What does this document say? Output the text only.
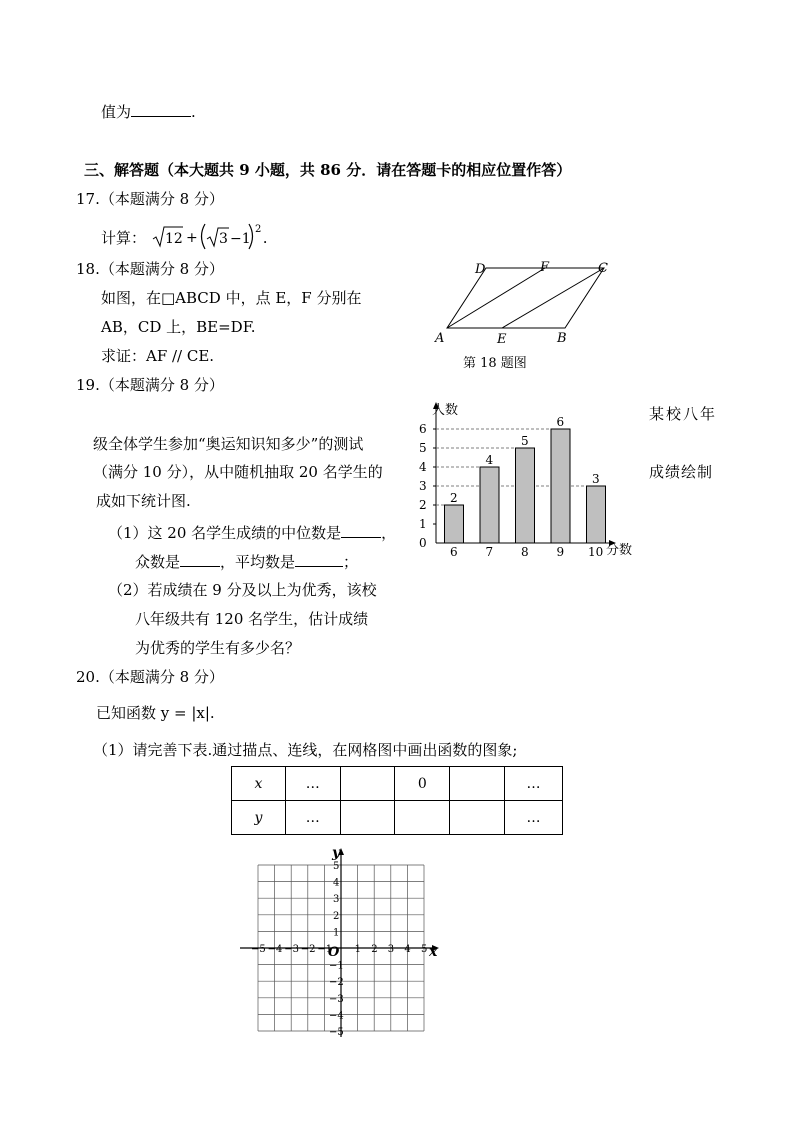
值为	.
三、解答题（本大题共 9 小题，共 86 分．请在答题卡的相应位置作答）
17.（本题满分 8 分）
计算： 12 + 3 −1
2 .
18.（本题满分 8 分）
如图，在□ABCD 中，点 E，F 分别在
AB，CD 上，BE=DF.
求证：AF // CE.
A	B
C
D
E
F
第 18 题图
19.（本题满分 8 分）
某校八年
成绩绘制
级全体学生参加“奥运知识知多少”的测试
（满分 10 分），从中随机抽取 20 名学生的
成如下统计图.
（1）这 20 名学生成绩的中位数是	，
众数是	，平均数是	；
（2）若成绩在 9 分及以上为优秀，该校
八年级共有 120 名学生，估计成绩
为优秀的学生有多少名？
人数
分数
0
1
2
3
4
5
6
2
6
4
7
5
8
6
9
3
10
20.（本题满分 8 分）
已知函数 y = |x|.
（1）请完善下表.通过描点、连线，在网格图中画出函数的图象;
x	…		0		…
y	…				…
x
y
O
−5 −4 −3 −2 −1 1 2 3 4 5
5
4
3
2
1
−1
−2
−3
−4
−5
